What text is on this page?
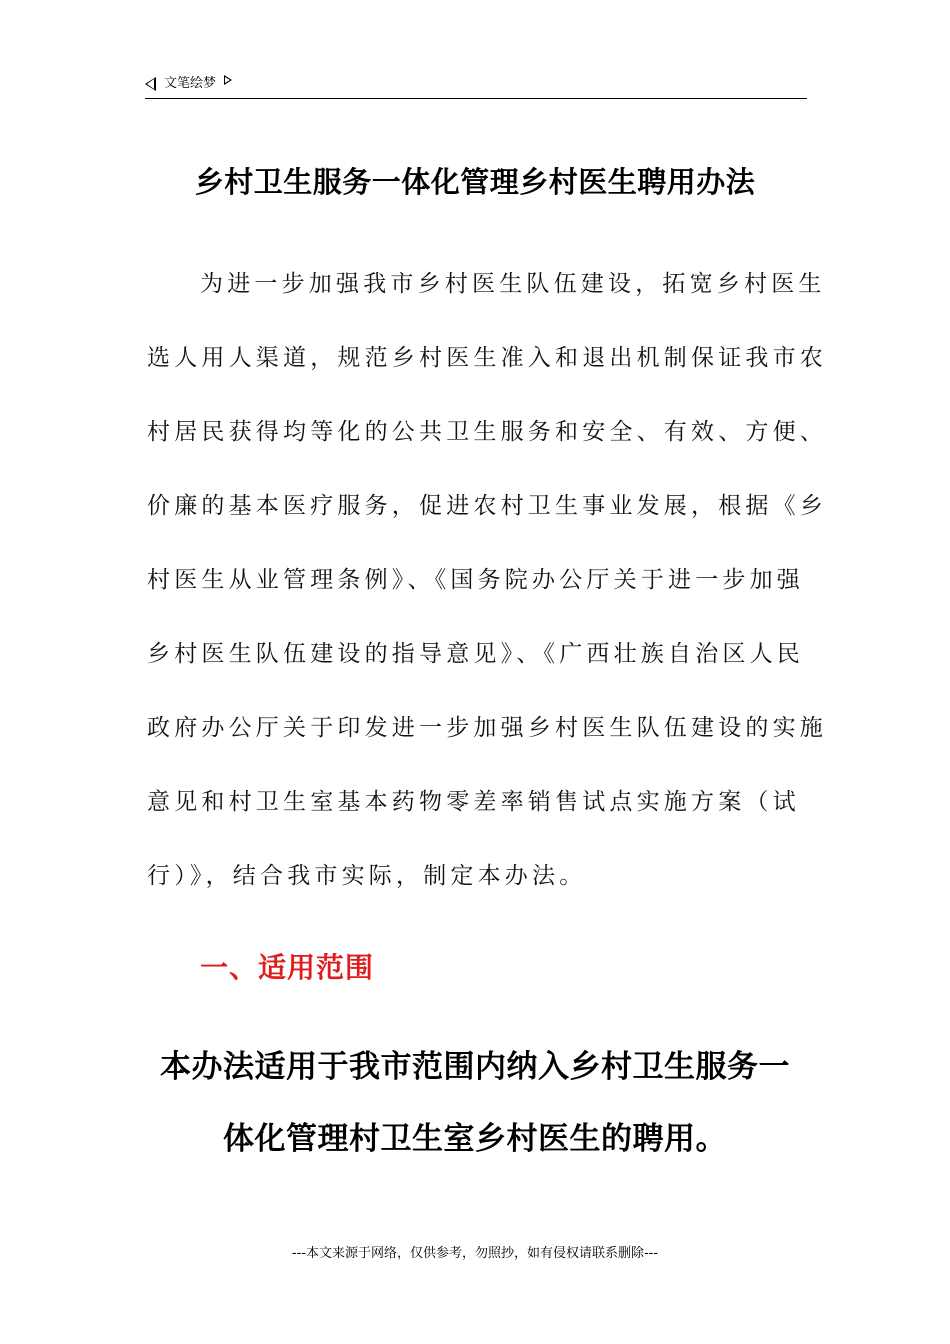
文笔绘梦
乡村卫生服务一体化管理乡村医生聘用办法
为进一步加强我市乡村医生队伍建设，拓宽乡村医生
选人用人渠道，规范乡村医生准入和退出机制保证我市农
村居民获得均等化的公共卫生服务和安全、有效、方便、
价廉的基本医疗服务，促进农村卫生事业发展，根据《乡
村医生从业管理条例》、《国务院办公厅关于进一步加强
乡村医生队伍建设的指导意见》、《广西壮族自治区人民
政府办公厅关于印发进一步加强乡村医生队伍建设的实施
意见和村卫生室基本药物零差率销售试点实施方案（试
行）》，结合我市实际，制定本办法。
一、适用范围
本办法适用于我市范围内纳入乡村卫生服务一
体化管理村卫生室乡村医生的聘用。
---本文来源于网络，仅供参考，勿照抄，如有侵权请联系删除---
